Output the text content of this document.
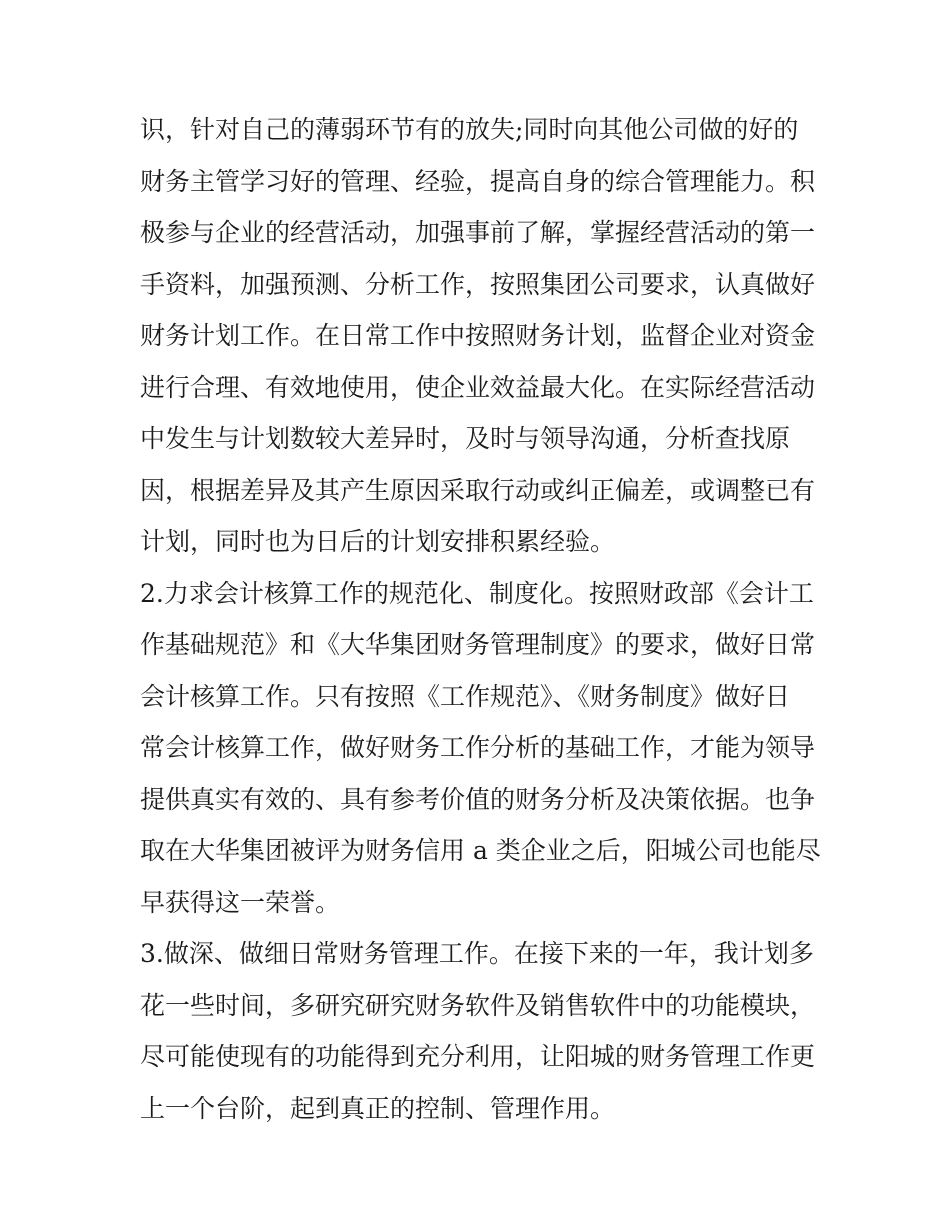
识，针对自己的薄弱环节有的放失;同时向其他公司做的好的
财务主管学习好的管理、经验，提高自身的综合管理能力。积
极参与企业的经营活动，加强事前了解，掌握经营活动的第一
手资料，加强预测、分析工作，按照集团公司要求，认真做好
财务计划工作。在日常工作中按照财务计划，监督企业对资金
进行合理、有效地使用，使企业效益最大化。在实际经营活动
中发生与计划数较大差异时，及时与领导沟通，分析查找原
因，根据差异及其产生原因采取行动或纠正偏差，或调整已有
计划，同时也为日后的计划安排积累经验。
2.力求会计核算工作的规范化、制度化。按照财政部《会计工
作基础规范》和《大华集团财务管理制度》的要求，做好日常
会计核算工作。只有按照《工作规范》、《财务制度》做好日
常会计核算工作，做好财务工作分析的基础工作，才能为领导
提供真实有效的、具有参考价值的财务分析及决策依据。也争
取在大华集团被评为财务信用 a 类企业之后，阳城公司也能尽
早获得这一荣誉。
3.做深、做细日常财务管理工作。在接下来的一年，我计划多
花一些时间，多研究研究财务软件及销售软件中的功能模块，
尽可能使现有的功能得到充分利用，让阳城的财务管理工作更
上一个台阶，起到真正的控制、管理作用。
